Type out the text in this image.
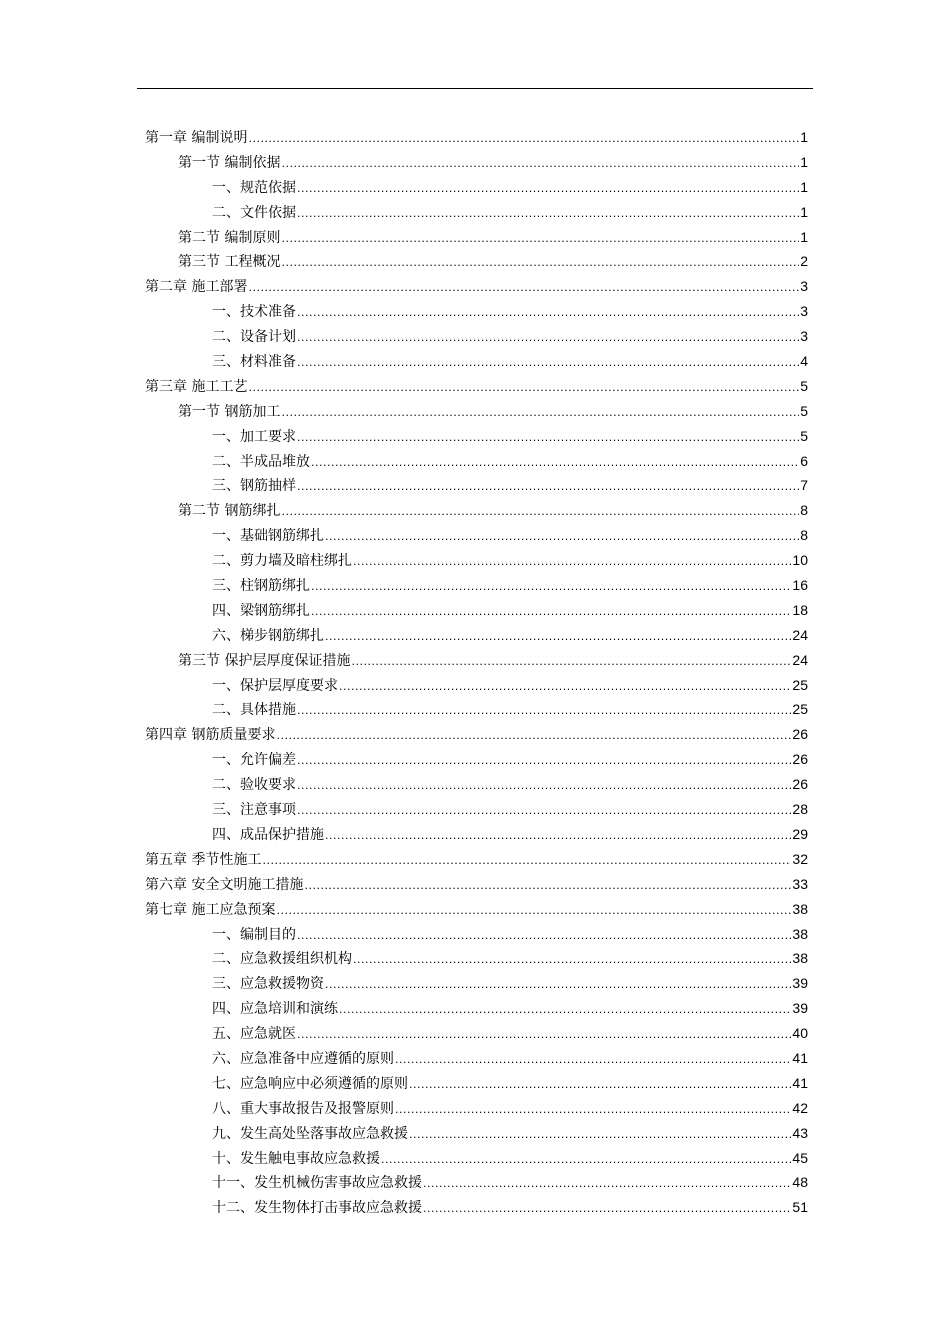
第一章 编制说明 .....	1
第一节 编制依据 .....	1
一、规范依据 .....	1
二、文件依据 .....	1
第二节 编制原则 .....	1
第三节 工程概况 .....	2
第二章 施工部署 .....	3
一、技术准备 .....	3
二、设备计划 .....	3
三、材料准备 .....	4
第三章 施工工艺 .....	5
第一节 钢筋加工 .....	5
一、加工要求 .....	5
二、半成品堆放 .....	6
三、钢筋抽样 .....	7
第二节 钢筋绑扎 .....	8
一、基础钢筋绑扎 .....	8
二、剪力墙及暗柱绑扎 .....	10
三、柱钢筋绑扎 .....	16
四、梁钢筋绑扎 .....	18
六、梯步钢筋绑扎 .....	24
第三节 保护层厚度保证措施 .....	24
一、保护层厚度要求 .....	25
二、具体措施 .....	25
第四章 钢筋质量要求 .....	26
一、允许偏差 .....	26
二、验收要求 .....	26
三、注意事项 .....	28
四、成品保护措施 .....	29
第五章 季节性施工 .....	32
第六章 安全文明施工措施 .....	33
第七章 施工应急预案 .....	38
一、编制目的 .....	38
二、应急救援组织机构 .....	38
三、应急救援物资 .....	39
四、应急培训和演练 .....	39
五、应急就医 .....	40
六、应急准备中应遵循的原则 .....	41
七、应急响应中必须遵循的原则 .....	41
八、重大事故报告及报警原则 .....	42
九、发生高处坠落事故应急救援 .....	43
十、发生触电事故应急救援 .....	45
十一、发生机械伤害事故应急救援 .....	48
十二、发生物体打击事故应急救援 .....	51
